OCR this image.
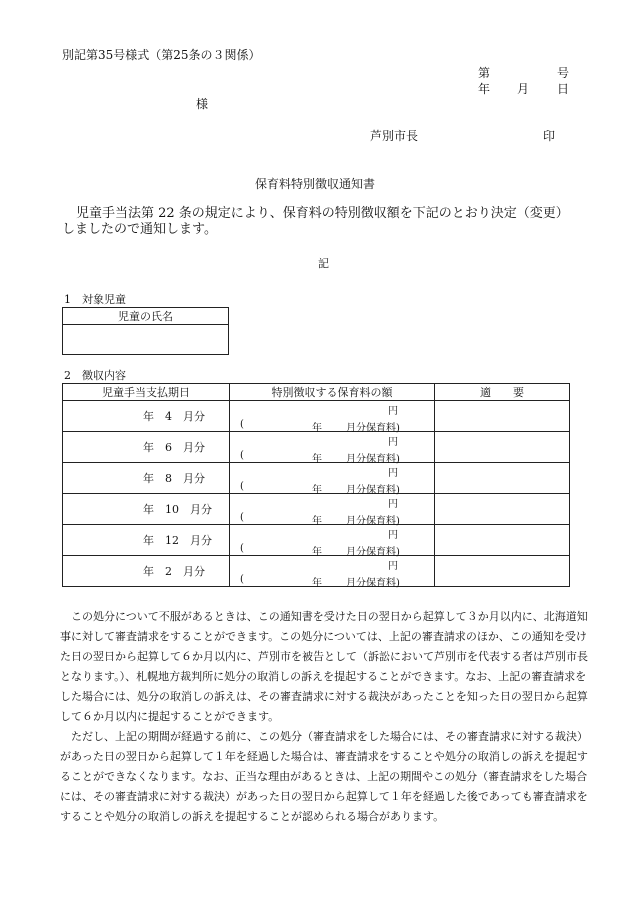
別記第35号様式（第25条の３関係）
第	号
年 月 日
様
芦別市長	印
保育料特別徴収通知書
児童手当法第 22 条の規定により、保育料の特別徴収額を下記のとおり決定（変更）
しましたので通知します。
記
1　対象児童
児童の氏名

2　徴収内容
児童手当支払期日	特別徴収する保育料の額	適　　要
年　4　月分	円
( 年 月分保育料)	

年　6　月分	円
( 年 月分保育料)	

年　8　月分	円
( 年 月分保育料)	

年　10　月分	円
( 年 月分保育料)	

年　12　月分	円
( 年 月分保育料)	

年　2　月分	円
( 年 月分保育料)	

この処分について不服があるときは、この通知書を受けた日の翌日から起算して３か月以内に、北海道知事に対して審査請求をすることができます。この処分については、上記の審査請求のほか、この通知を受けた日の翌日から起算して６か月以内に、芦別市を被告として（訴訟において芦別市を代表する者は芦別市長となります。）、札幌地方裁判所に処分の取消しの訴えを提起することができます。なお、上記の審査請求をした場合には、処分の取消しの訴えは、その審査請求に対する裁決があったことを知った日の翌日から起算して６か月以内に提起することができます。

ただし、上記の期間が経過する前に、この処分（審査請求をした場合には、その審査請求に対する裁決）があった日の翌日から起算して１年を経過した場合は、審査請求をすることや処分の取消しの訴えを提起することができなくなります。なお、正当な理由があるときは、上記の期間やこの処分（審査請求をした場合には、その審査請求に対する裁決）があった日の翌日から起算して１年を経過した後であっても審査請求をすることや処分の取消しの訴えを提起することが認められる場合があります。
